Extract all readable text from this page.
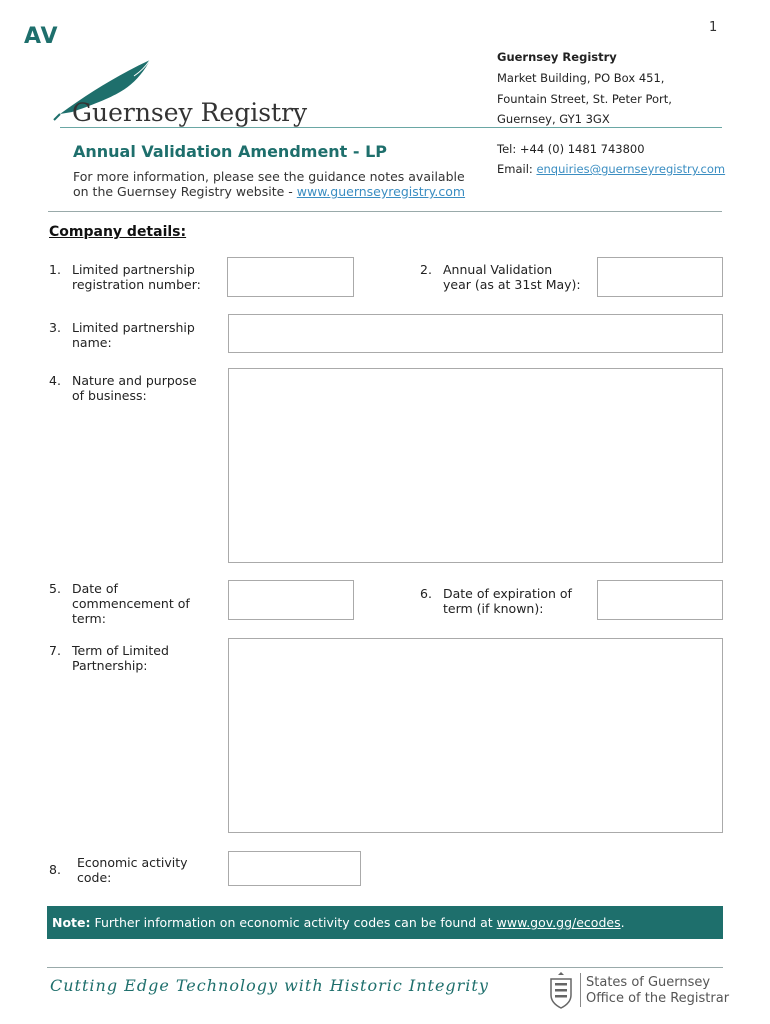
AV	1
Guernsey Registry
Guernsey Registry
Market Building, PO Box 451,
Fountain Street, St. Peter Port,
Guernsey, GY1 3GX
Tel: +44 (0) 1481 743800
Email: enquiries@guernseyregistry.com
Annual Validation Amendment - LP
For more information, please see the guidance notes available
on the Guernsey Registry website - www.guernseyregistry.com
Company details:
1. Limited partnership
registration number:
2. Annual Validation
year (as at 31st May):
3. Limited partnership
name:
4. Nature and purpose
of business:
5. Date of
commencement of
term:
6. Date of expiration of
term (if known):
7. Term of Limited
Partnership:
8. Economic activity
code:
Note: Further information on economic activity codes can be found at www.gov.gg/ecodes.
Cutting Edge Technology with Historic Integrity	States of Guernsey
Office of the Registrar
